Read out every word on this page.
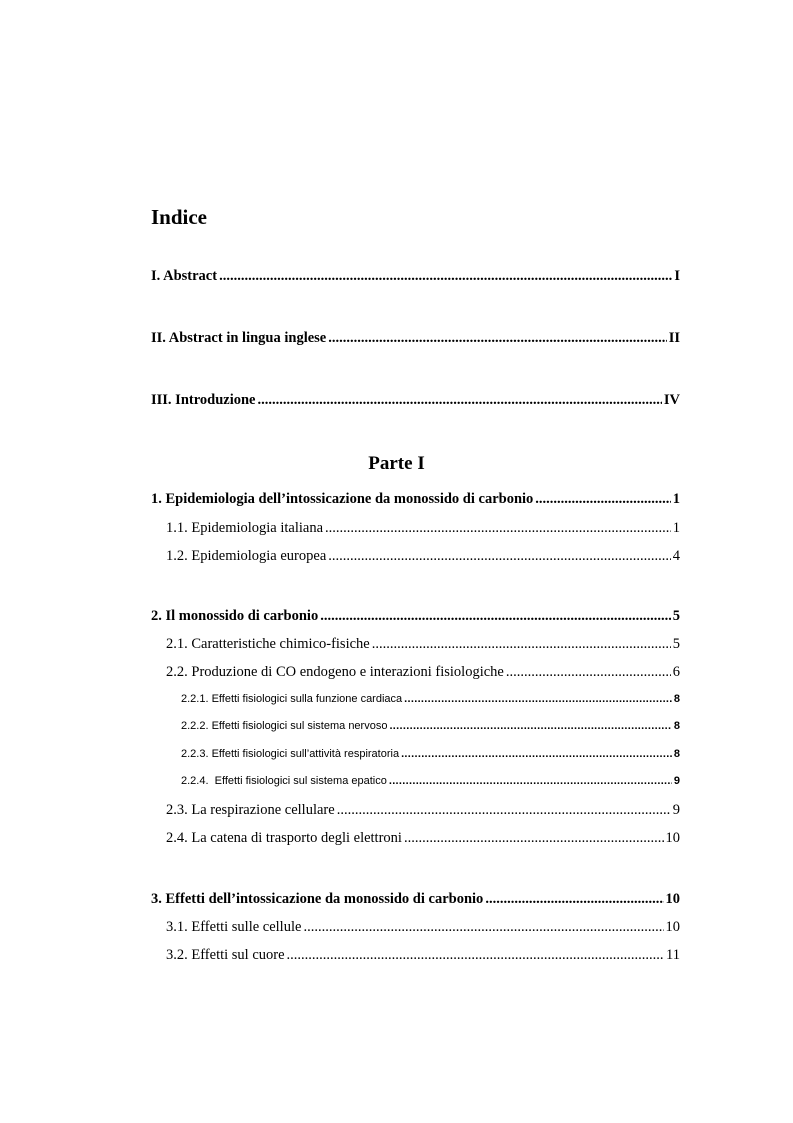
Indice
I. Abstract .....	I
II. Abstract in lingua inglese .....	II
III. Introduzione .....	IV
Parte I
1. Epidemiologia dell’intossicazione da monossido di carbonio .....	1
1.1. Epidemiologia italiana .....	1
1.2. Epidemiologia europea .....	4
2. Il monossido di carbonio .....	5
2.1. Caratteristiche chimico-fisiche .....	5
2.2. Produzione di CO endogeno e interazioni fisiologiche .....	6
2.2.1. Effetti fisiologici sulla funzione cardiaca .....	8
2.2.2. Effetti fisiologici sul sistema nervoso .....	8
2.2.3. Effetti fisiologici sull’attività respiratoria .....	8
2.2.4.  Effetti fisiologici sul sistema epatico .....	9
2.3. La respirazione cellulare .....	9
2.4. La catena di trasporto degli elettroni .....	10
3. Effetti dell’intossicazione da monossido di carbonio .....	10
3.1. Effetti sulle cellule .....	10
3.2. Effetti sul cuore .....	11
